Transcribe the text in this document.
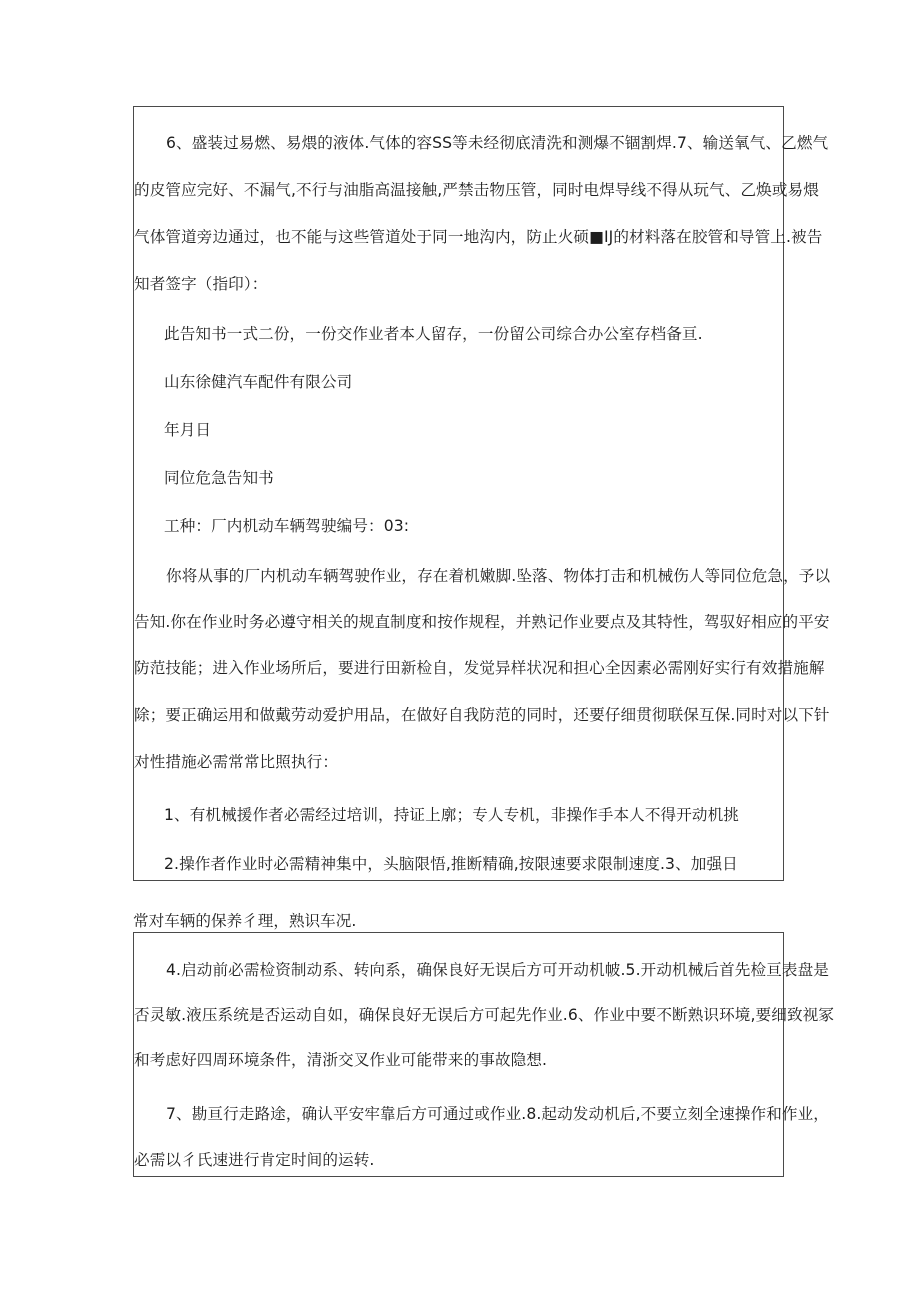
6、盛装过易燃、易煨的液体.气体的容SS等未经彻底清洗和测爆不锢割焊.7、输送氧气、乙燃气
的皮管应完好、不漏气,不行与油脂高温接触,严禁击物压管，同时电焊导线不得从玩气、乙焕或易煨
气体管道旁边通过，也不能与这些管道处于同一地沟内，防止火硕■IJ的材料落在胶管和导管上.被告
知者签字（指印）：
此告知书一式二份，一份交作业者本人留存，一份留公司综合办公室存档备亘.
山东徐健汽车配件有限公司
年月日
同位危急告知书
工种：厂内机动车辆驾驶编号：03:
你将从事的厂内机动车辆驾驶作业，存在着机嫩脚.坠落、物体打击和机械伤人等同位危急，予以
告知.你在作业时务必遵守相关的规直制度和按作规程，并熟记作业要点及其特性，驾驭好相应的平安
防范技能；进入作业场所后，要进行田新检自，发觉异样状况和担心全因素必需刚好实行有效措施解
除；要正确运用和做戴劳动爱护用品，在做好自我防范的同时，还要仔细贯彻联保互保.同时对以下针
对性措施必需常常比照执行：
1、有机械援作者必需经过培训，持证上廓；专人专机，非操作手本人不得开动机挑
2.操作者作业时必需精神集中，头脑限悟,推断精确,按限速要求限制速度.3、加强日
常对车辆的保养彳理，熟识车况.
4.启动前必需检资制动系、转向系，确保良好无误后方可开动机帔.5.开动机械后首先检亘表盘是
否灵敏.液压系统是否运动自如，确保良好无误后方可起先作业.6、作业中要不断熟识环境,要细致视冢
和考虑好四周环境条件，清浙交叉作业可能带来的事故隐想.
7、勘亘行走路途，确认平安牢靠后方可通过或作业.8.起动发动机后,不要立刻全速操作和作业，
必需以彳氏速进行肯定时间的运转.
